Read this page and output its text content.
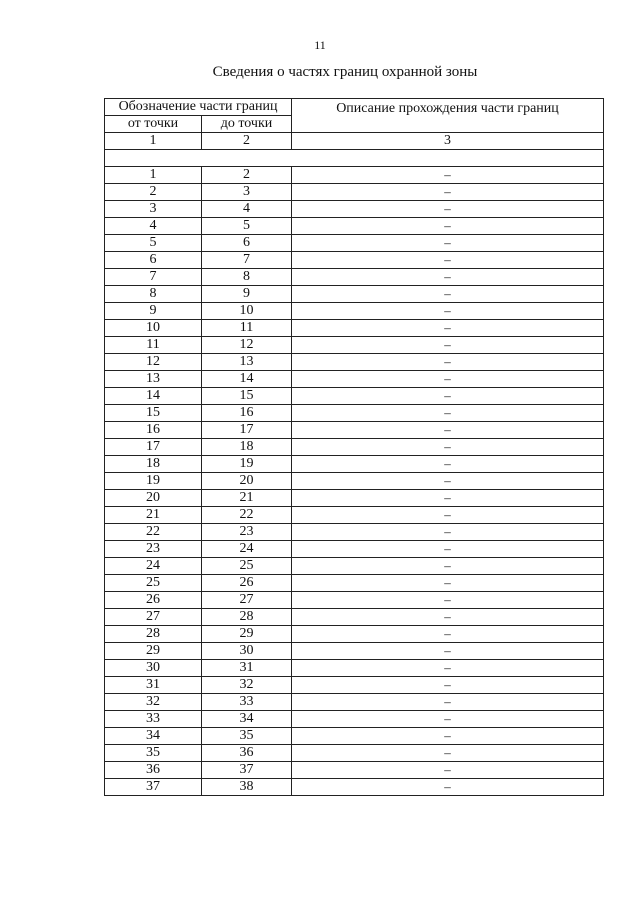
11
Сведения о частях границ охранной зоны
Обозначение части границ		Описание прохождения части границ
от точки	до точки	
1	2	3

1	2	–
2	3	–
3	4	–
4	5	–
5	6	–
6	7	–
7	8	–
8	9	–
9	10	–
10	11	–
11	12	–
12	13	–
13	14	–
14	15	–
15	16	–
16	17	–
17	18	–
18	19	–
19	20	–
20	21	–
21	22	–
22	23	–
23	24	–
24	25	–
25	26	–
26	27	–
27	28	–
28	29	–
29	30	–
30	31	–
31	32	–
32	33	–
33	34	–
34	35	–
35	36	–
36	37	–
37	38	–
